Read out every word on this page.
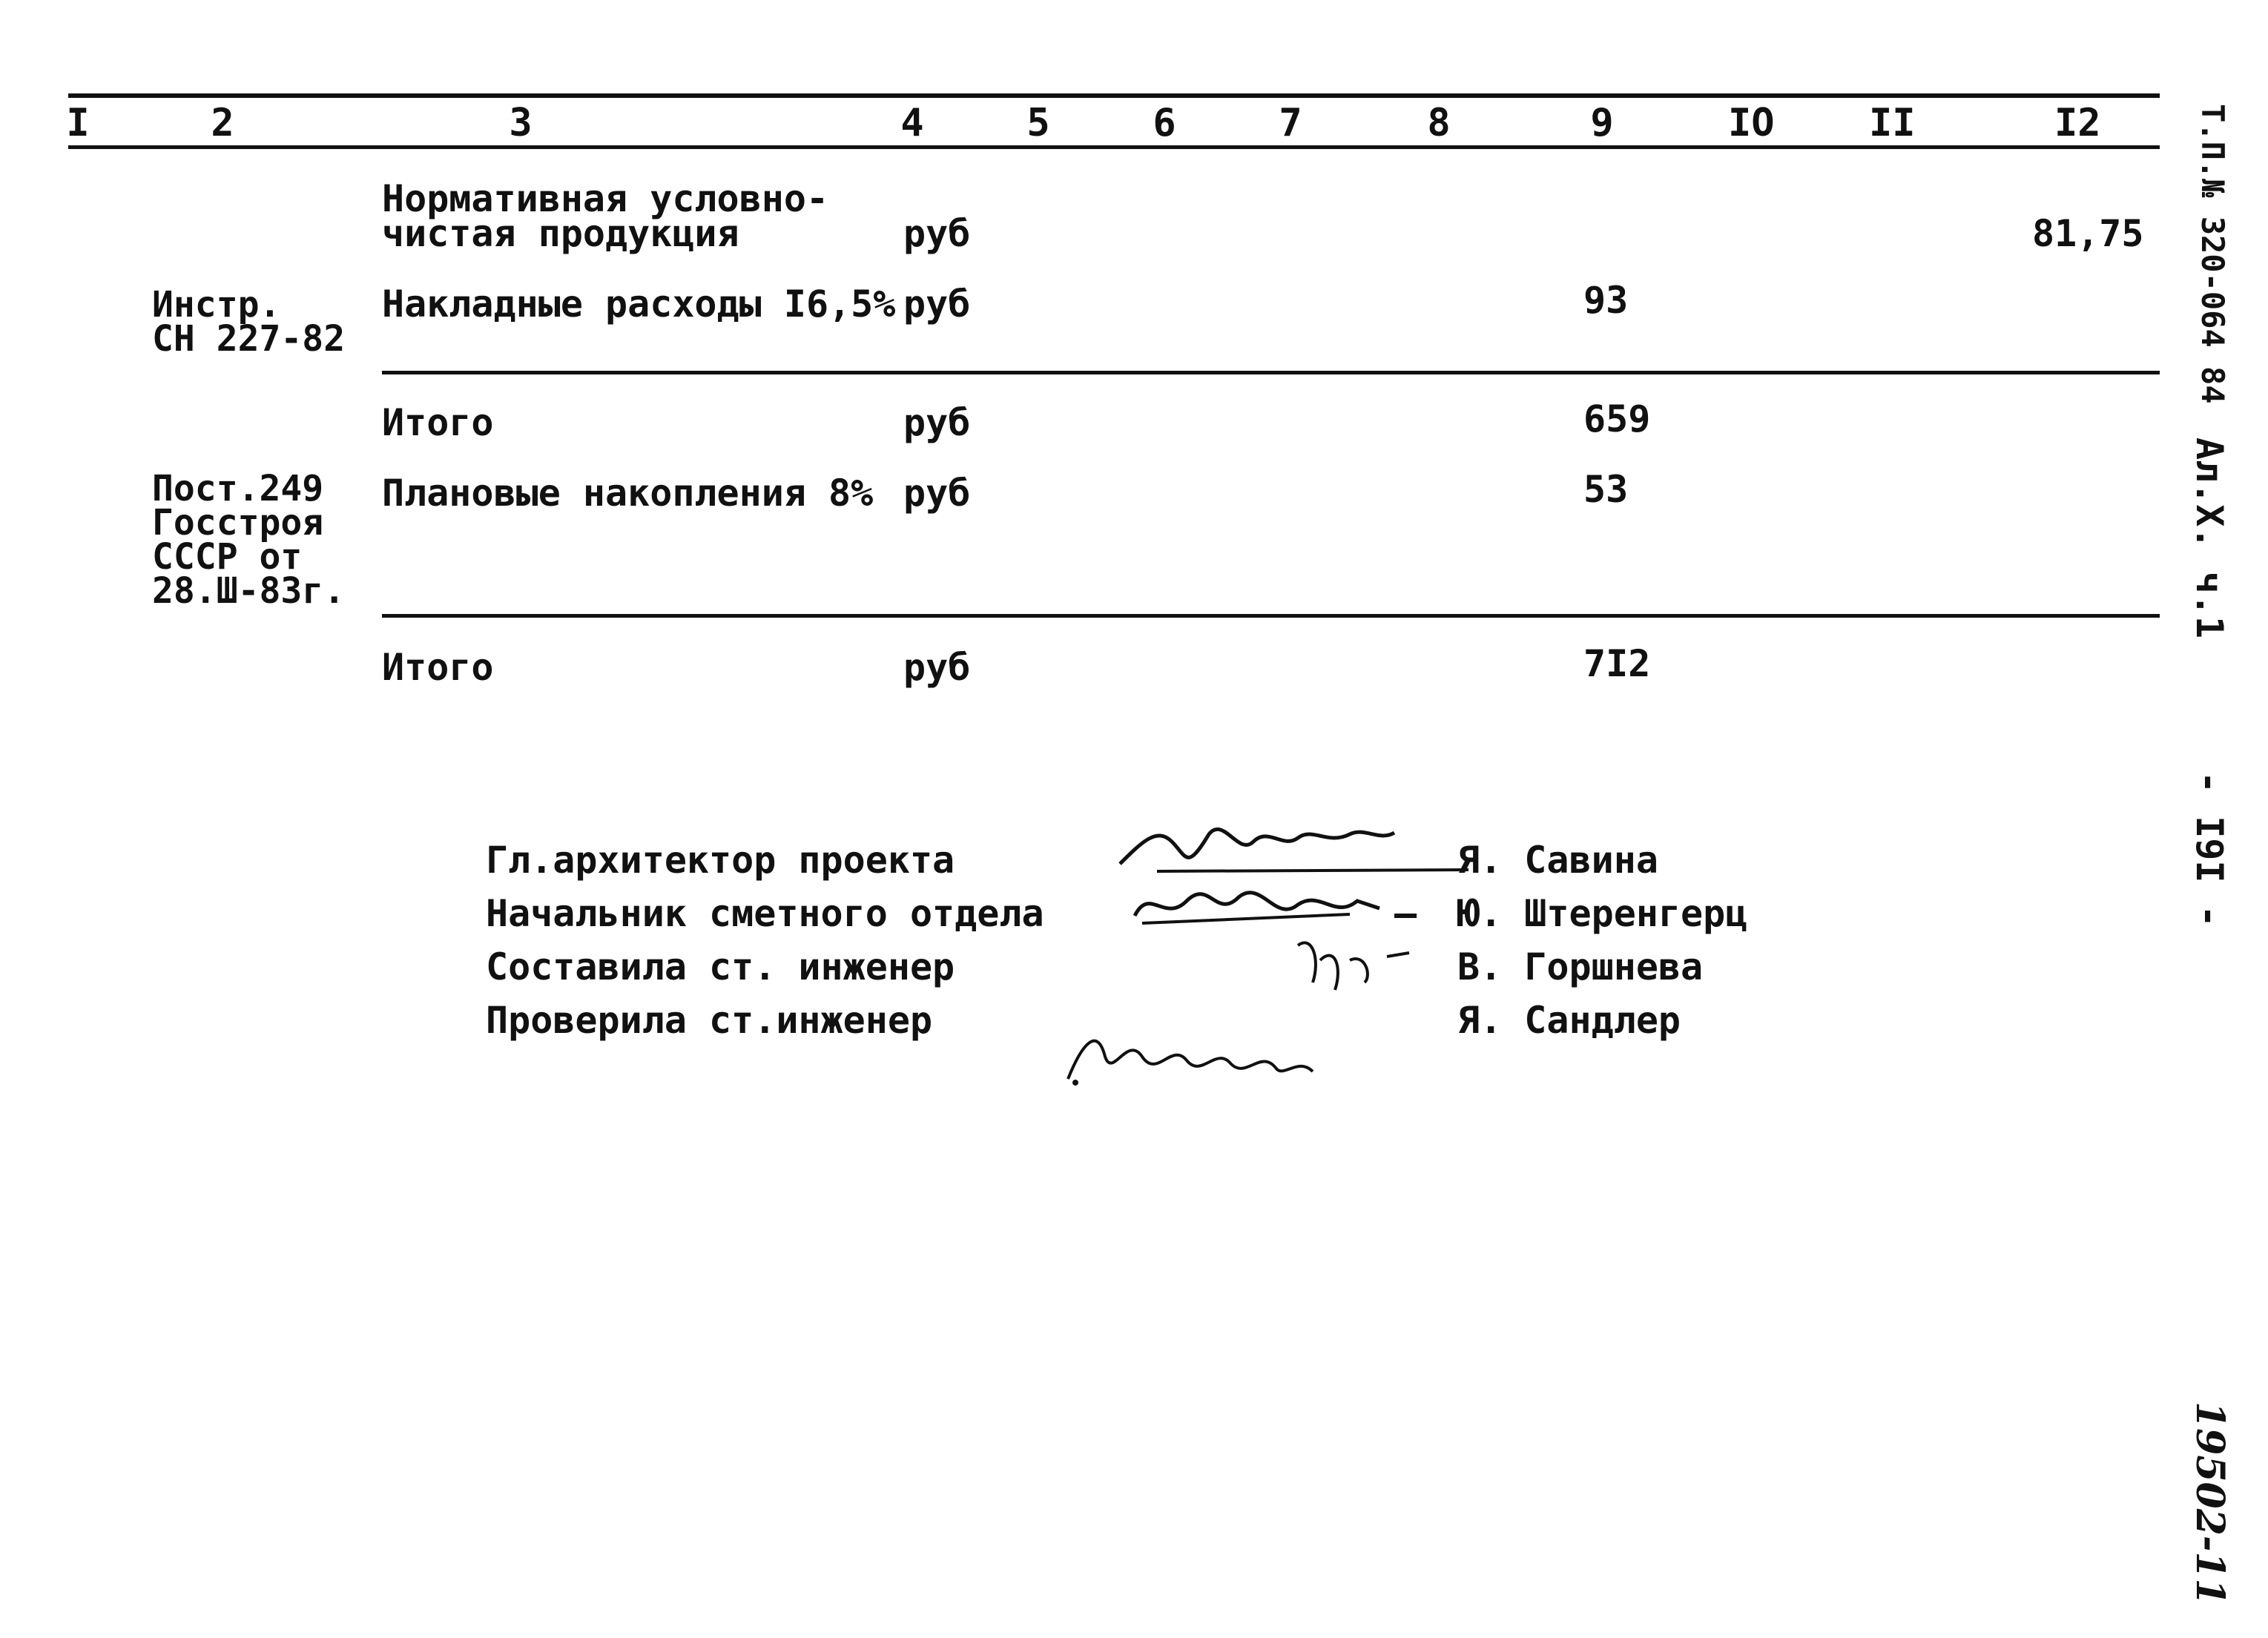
I	2	3	4	5	6	7	8	9	IO II	I2
Нормативная условно-
чистая продукция	руб	81,75
Инстр.
СН 227-82
Накладные расходы I6,5% руб	93
Итого	руб	659
Пост.249
Госстроя
СССР от
28.Ш-83г.
Плановые накопления 8% руб	53
Итого	руб	7I2
Гл.архитектор проекта
Начальник сметного отдела
Составила ст. инженер
Проверила ст.инженер
Я. Савина
— Ю. Штеренгерц
В. Горшнева
Я. Сандлер
Т.П.№ 320-064 84
Ал.Х. ч.1
- I9I -
19502-11
